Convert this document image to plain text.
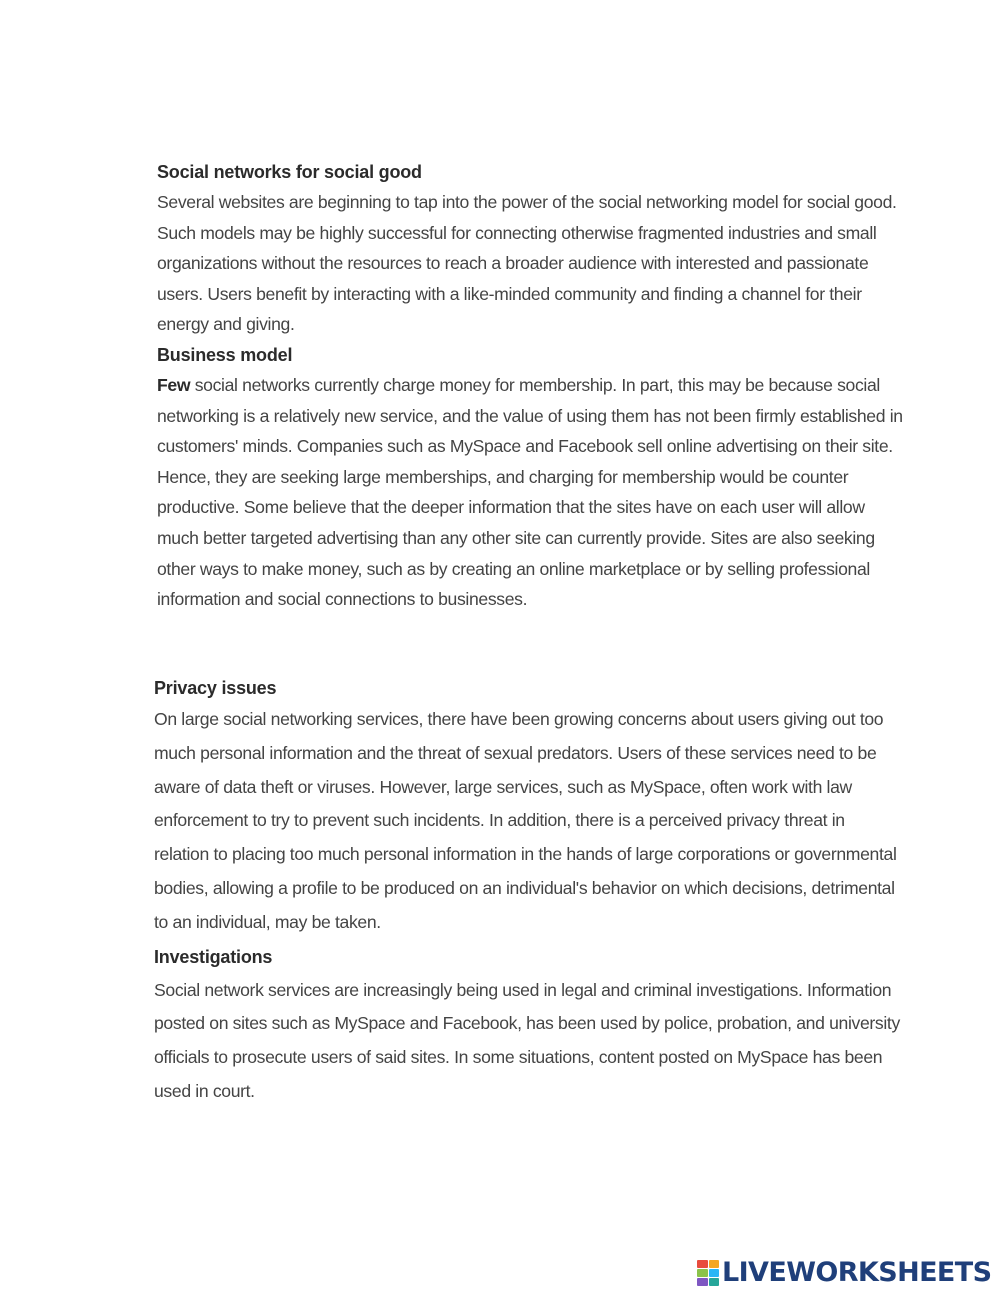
Social networks for social good

Several websites are beginning to tap into the power of the social networking model for social good.
Such models may be highly successful for connecting otherwise fragmented industries and small
organizations without the resources to reach a broader audience with interested and passionate
users. Users benefit by interacting with a like-minded community and finding a channel for their
energy and giving.

Business model

Few social networks currently charge money for membership. In part, this may be because social
networking is a relatively new service, and the value of using them has not been firmly established in
customers' minds. Companies such as MySpace and Facebook sell online advertising on their site.
Hence, they are seeking large memberships, and charging for membership would be counter
productive. Some believe that the deeper information that the sites have on each user will allow
much better targeted advertising than any other site can currently provide. Sites are also seeking
other ways to make money, such as by creating an online marketplace or by selling professional
information and social connections to businesses.

Privacy issues

On large social networking services, there have been growing concerns about users giving out too
much personal information and the threat of sexual predators. Users of these services need to be
aware of data theft or viruses. However, large services, such as MySpace, often work with law
enforcement to try to prevent such incidents. In addition, there is a perceived privacy threat in
relation to placing too much personal information in the hands of large corporations or governmental
bodies, allowing a profile to be produced on an individual's behavior on which decisions, detrimental
to an individual, may be taken.

Investigations

Social network services are increasingly being used in legal and criminal investigations. Information
posted on sites such as MySpace and Facebook, has been used by police, probation, and university
officials to prosecute users of said sites. In some situations, content posted on MySpace has been
used in court.

LIVEWORKSHEETS
